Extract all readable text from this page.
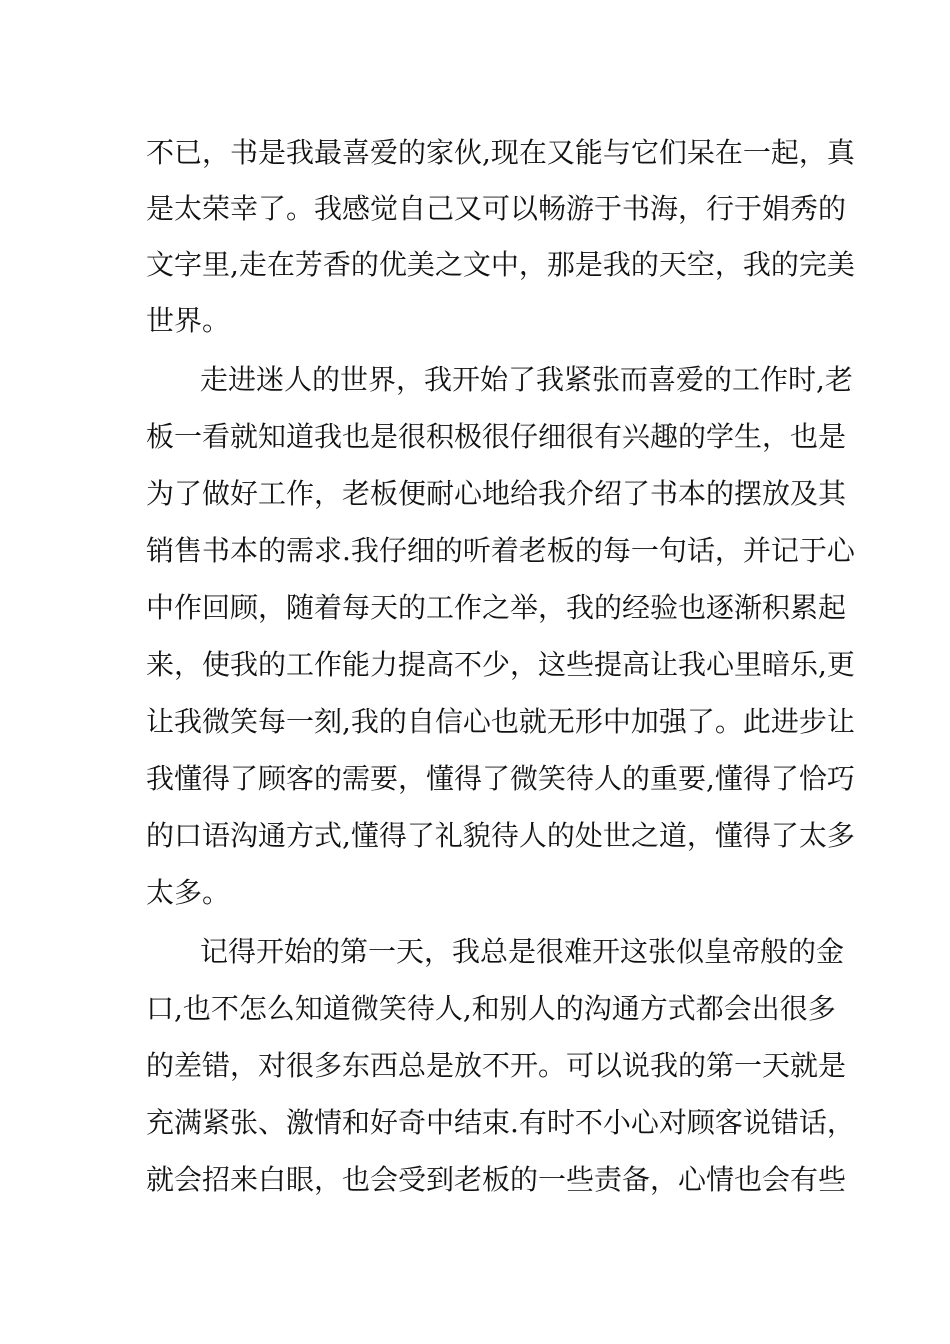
不已，书是我最喜爱的家伙,现在又能与它们呆在一起，真
是太荣幸了。我感觉自己又可以畅游于书海，行于娟秀的
文字里,走在芳香的优美之文中，那是我的天空，我的完美
世界。
走进迷人的世界，我开始了我紧张而喜爱的工作时,老
板一看就知道我也是很积极很仔细很有兴趣的学生，也是
为了做好工作，老板便耐心地给我介绍了书本的摆放及其
销售书本的需求.我仔细的听着老板的每一句话，并记于心
中作回顾，随着每天的工作之举，我的经验也逐渐积累起
来，使我的工作能力提高不少，这些提高让我心里暗乐,更
让我微笑每一刻,我的自信心也就无形中加强了。此进步让
我懂得了顾客的需要，懂得了微笑待人的重要,懂得了恰巧
的口语沟通方式,懂得了礼貌待人的处世之道，懂得了太多
太多。
记得开始的第一天，我总是很难开这张似皇帝般的金
口,也不怎么知道微笑待人,和别人的沟通方式都会出很多
的差错，对很多东西总是放不开。可以说我的第一天就是
充满紧张、激情和好奇中结束.有时不小心对顾客说错话，
就会招来白眼，也会受到老板的一些责备，心情也会有些
